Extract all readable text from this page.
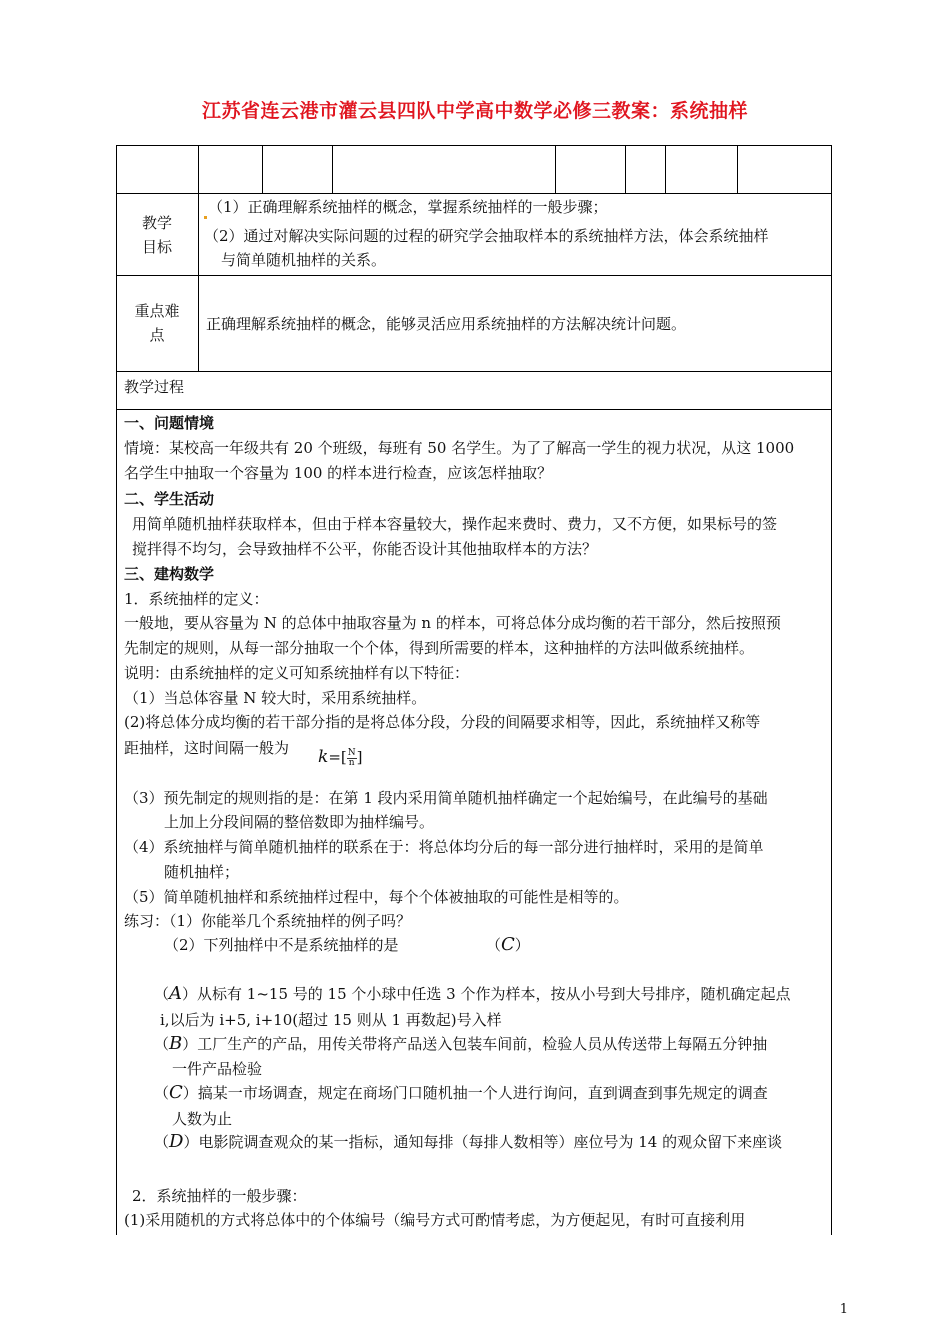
江苏省连云港市灌云县四队中学高中数学必修三教案：系统抽样
教学
目标
（1）正确理解系统抽样的概念，掌握系统抽样的一般步骤；
（2）通过对解决实际问题的过程的研究学会抽取样本的系统抽样方法，体会系统抽样
与简单随机抽样的关系。
重点难
点
正确理解系统抽样的概念，能够灵活应用系统抽样的方法解决统计问题。
教学过程
一、问题情境
情境：某校高一年级共有 20 个班级，每班有 50 名学生。为了了解高一学生的视力状况，从这 1000
名学生中抽取一个容量为 100 的样本进行检查，应该怎样抽取？
二、学生活动
用简单随机抽样获取样本，但由于样本容量较大，操作起来费时、费力，又不方便，如果标号的签
搅拌得不均匀，会导致抽样不公平，你能否设计其他抽取样本的方法？
三、建构数学
1．系统抽样的定义：
一般地，要从容量为 N 的总体中抽取容量为 n 的样本，可将总体分成均衡的若干部分，然后按照预
先制定的规则，从每一部分抽取一个个体，得到所需要的样本，这种抽样的方法叫做系统抽样。
说明：由系统抽样的定义可知系统抽样有以下特征：
（1）当总体容量 N 较大时，采用系统抽样。
(2)将总体分成均衡的若干部分指的是将总体分段，分段的间隔要求相等，因此，系统抽样又称等
距抽样，这时间隔一般为 $k=[ \frac{N}{n}$ ]
（3）预先制定的规则指的是：在第 1 段内采用简单随机抽样确定一个起始编号，在此编号的基础
上加上分段间隔的整倍数即为抽样编号。
（4）系统抽样与简单随机抽样的联系在于：将总体均分后的每一部分进行抽样时，采用的是简单
随机抽样；
（5）简单随机抽样和系统抽样过程中，每个个体被抽取的可能性是相等的。
练习：（1）你能举几个系统抽样的例子吗？
（2）下列抽样中不是系统抽样的是	（C）
（A）从标有 1~15 号的 15 个小球中任选 3 个作为样本，按从小号到大号排序，随机确定起点
i,以后为 i+5, i+10(超过 15 则从 1 再数起)号入样
（B）工厂生产的产品，用传关带将产品送入包装车间前，检验人员从传送带上每隔五分钟抽
一件产品检验
（C）搞某一市场调查，规定在商场门口随机抽一个人进行询问，直到调查到事先规定的调查
人数为止
（D）电影院调查观众的某一指标，通知每排（每排人数相等）座位号为 14 的观众留下来座谈
2．系统抽样的一般步骤：
(1)采用随机的方式将总体中的个体编号（编号方式可酌情考虑，为方便起见，有时可直接利用
1
